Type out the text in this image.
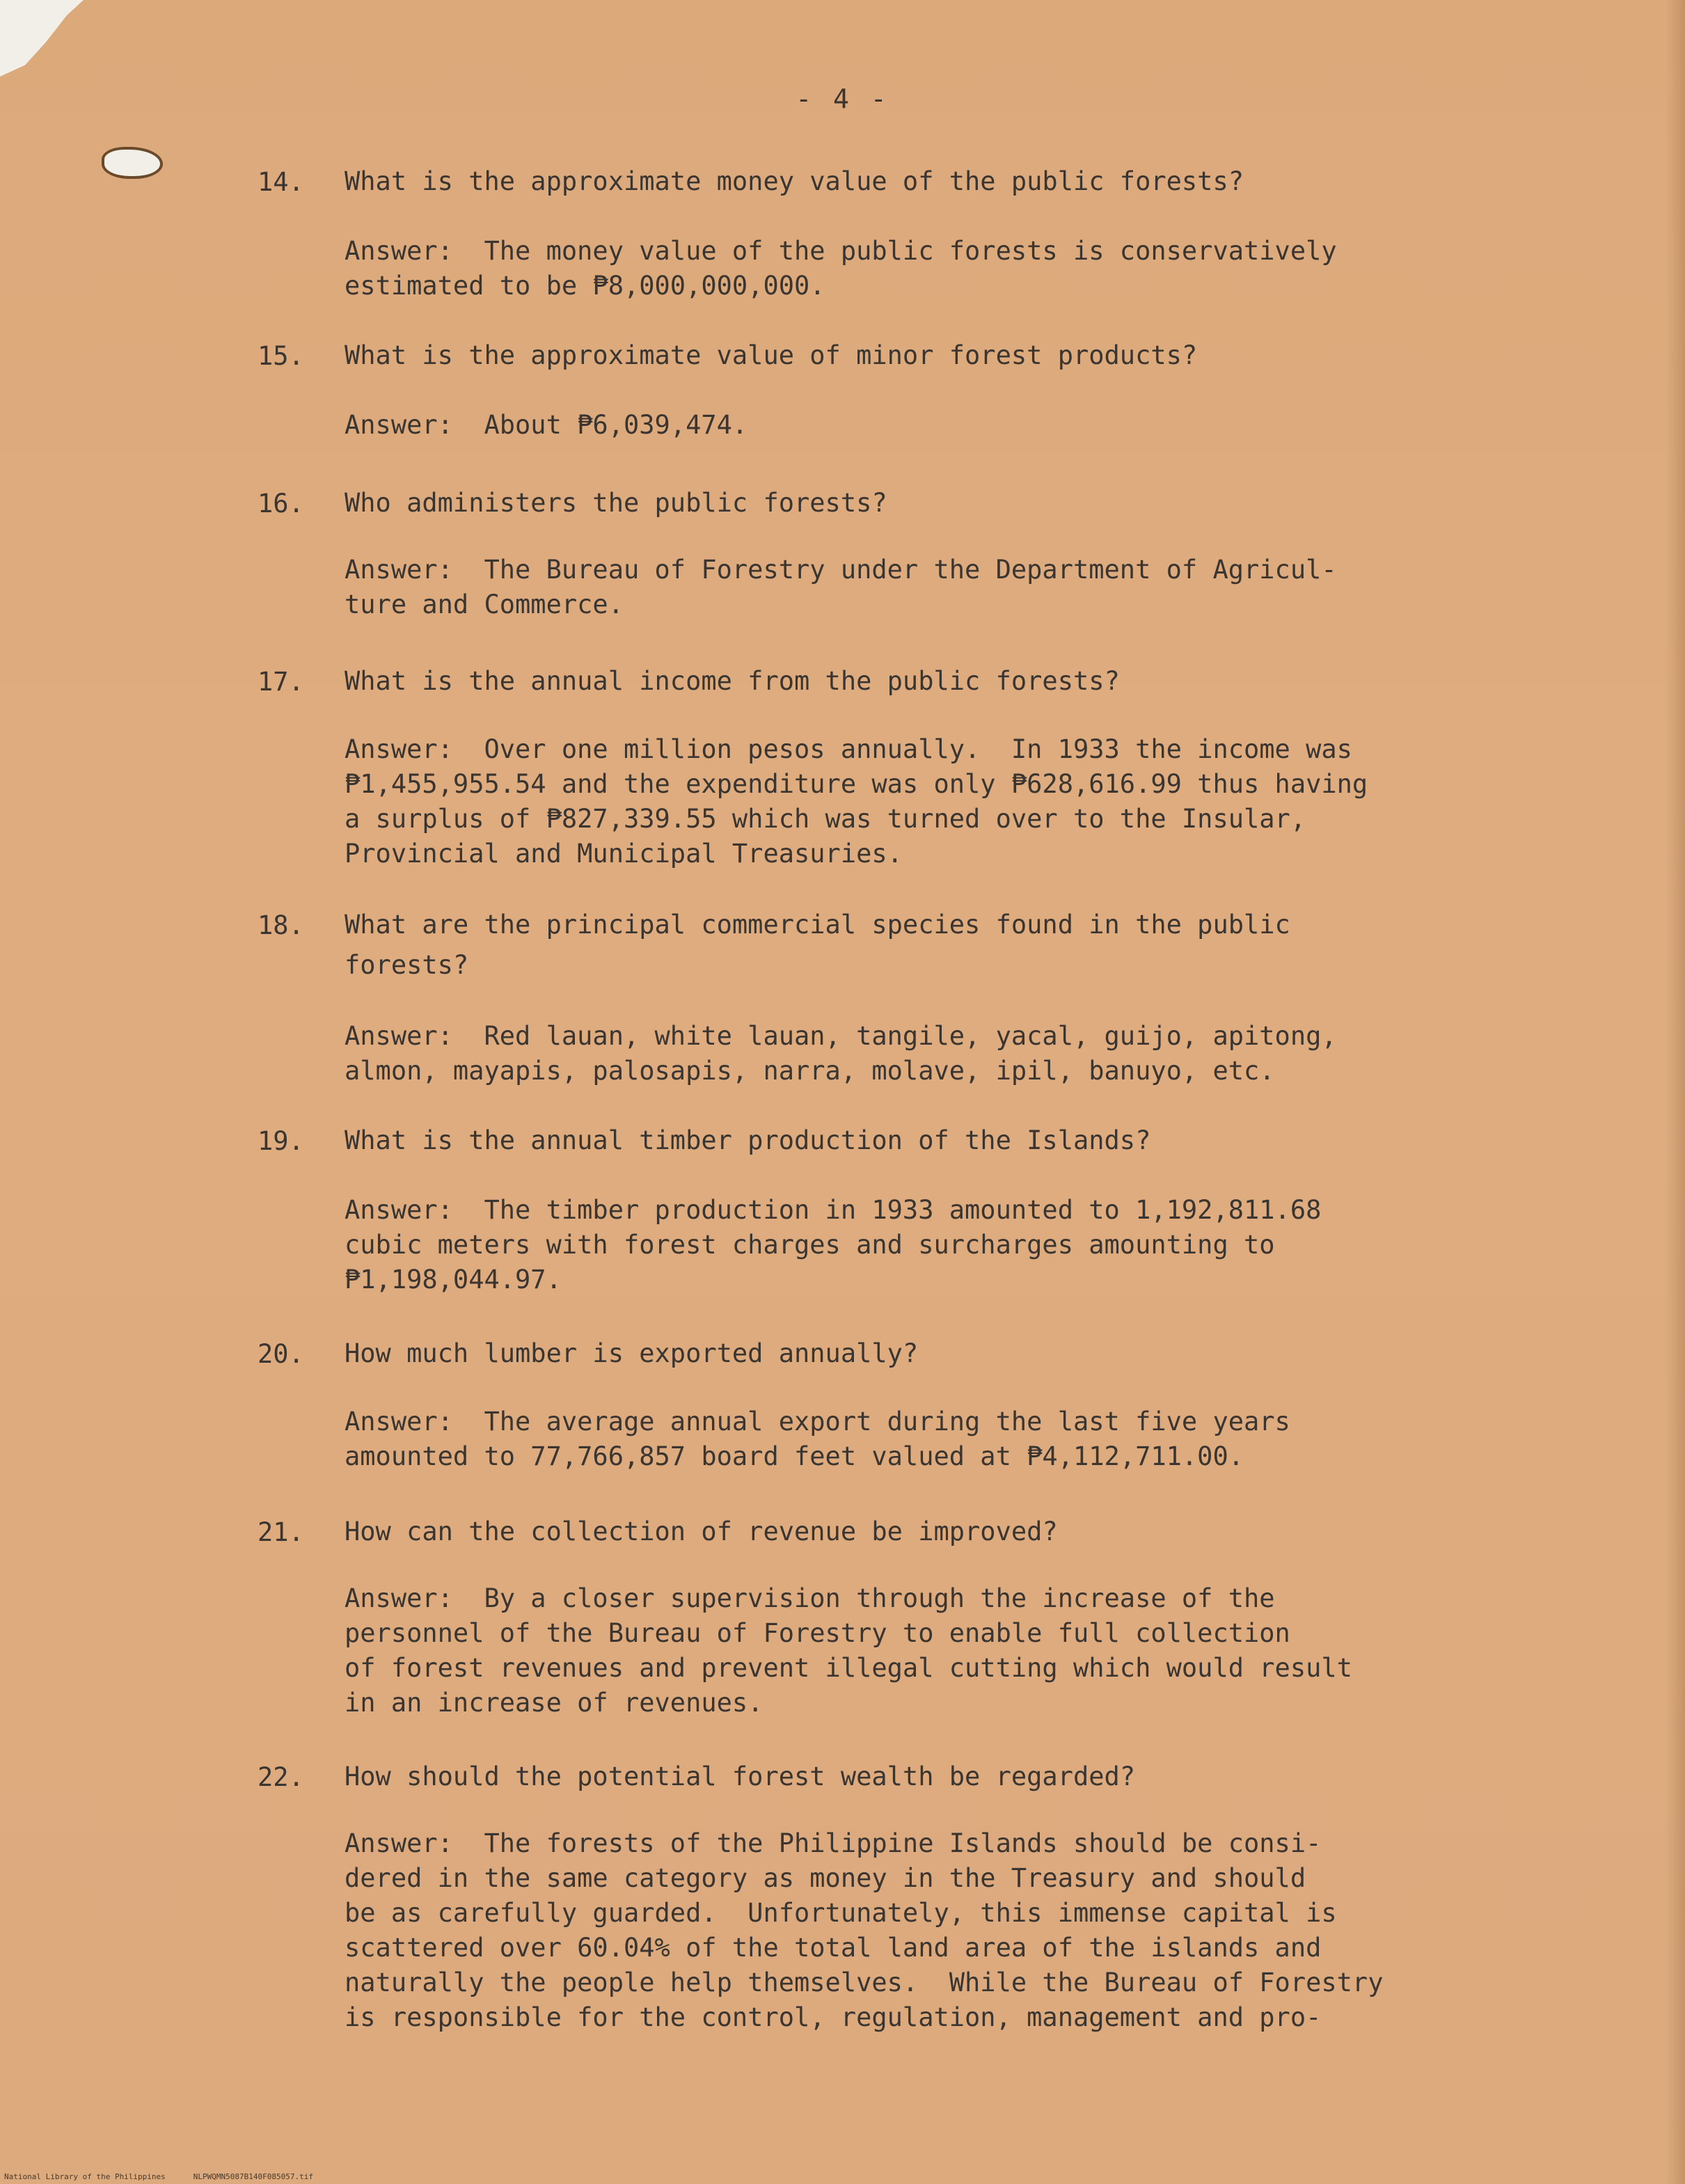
- 4 -
14. What is the approximate money value of the public forests?
Answer:  The money value of the public forests is conservatively
estimated to be ₱8,000,000,000.
15. What is the approximate value of minor forest products?
Answer:  About ₱6,039,474.
16. Who administers the public forests?
Answer:  The Bureau of Forestry under the Department of Agricul-
ture and Commerce.
17. What is the annual income from the public forests?
Answer:  Over one million pesos annually.  In 1933 the income was
₱1,455,955.54 and the expenditure was only ₱628,616.99 thus having
a surplus of ₱827,339.55 which was turned over to the Insular,
Provincial and Municipal Treasuries.
18. What are the principal commercial species found in the public
forests?
Answer:  Red lauan, white lauan, tangile, yacal, guijo, apitong,
almon, mayapis, palosapis, narra, molave, ipil, banuyo, etc.
19. What is the annual timber production of the Islands?
Answer:  The timber production in 1933 amounted to 1,192,811.68
cubic meters with forest charges and surcharges amounting to
₱1,198,044.97.
20. How much lumber is exported annually?
Answer:  The average annual export during the last five years
amounted to 77,766,857 board feet valued at ₱4,112,711.00.
21. How can the collection of revenue be improved?
Answer:  By a closer supervision through the increase of the
personnel of the Bureau of Forestry to enable full collection
of forest revenues and prevent illegal cutting which would result
in an increase of revenues.
22. How should the potential forest wealth be regarded?
Answer:  The forests of the Philippine Islands should be consi-
dered in the same category as money in the Treasury and should
be as carefully guarded.  Unfortunately, this immense capital is
scattered over 60.04% of the total land area of the islands and
naturally the people help themselves.  While the Bureau of Forestry
is responsible for the control, regulation, management and pro-
National Library of the Philippines	NLPWQMN5087B140F085057.tif
